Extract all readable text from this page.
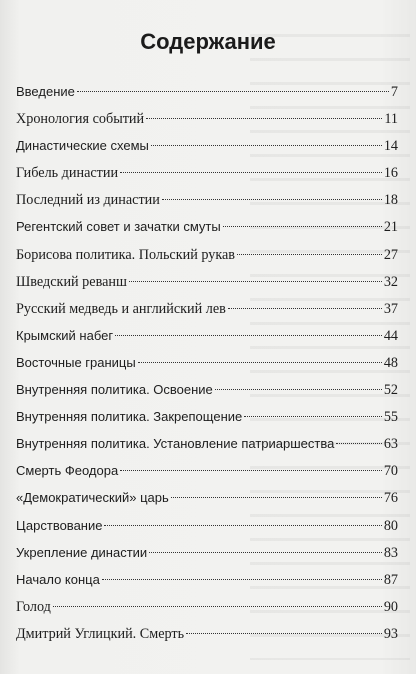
Содержание
Введение	7
Хронология событий	11
Династические схемы	14
Гибель династии	16
Последний из династии	18
Регентский совет и зачатки смуты	21
Борисова политика. Польский рукав	27
Шведский реванш	32
Русский медведь и английский лев	37
Крымский набег	44
Восточные границы	48
Внутренняя политика. Освоение	52
Внутренняя политика. Закрепощение	55
Внутренняя политика. Установление патриаршества	63
Смерть Феодора	70
«Демократический» царь	76
Царствование	80
Укрепление династии	83
Начало конца	87
Голод	90
Дмитрий Углицкий. Смерть	93
